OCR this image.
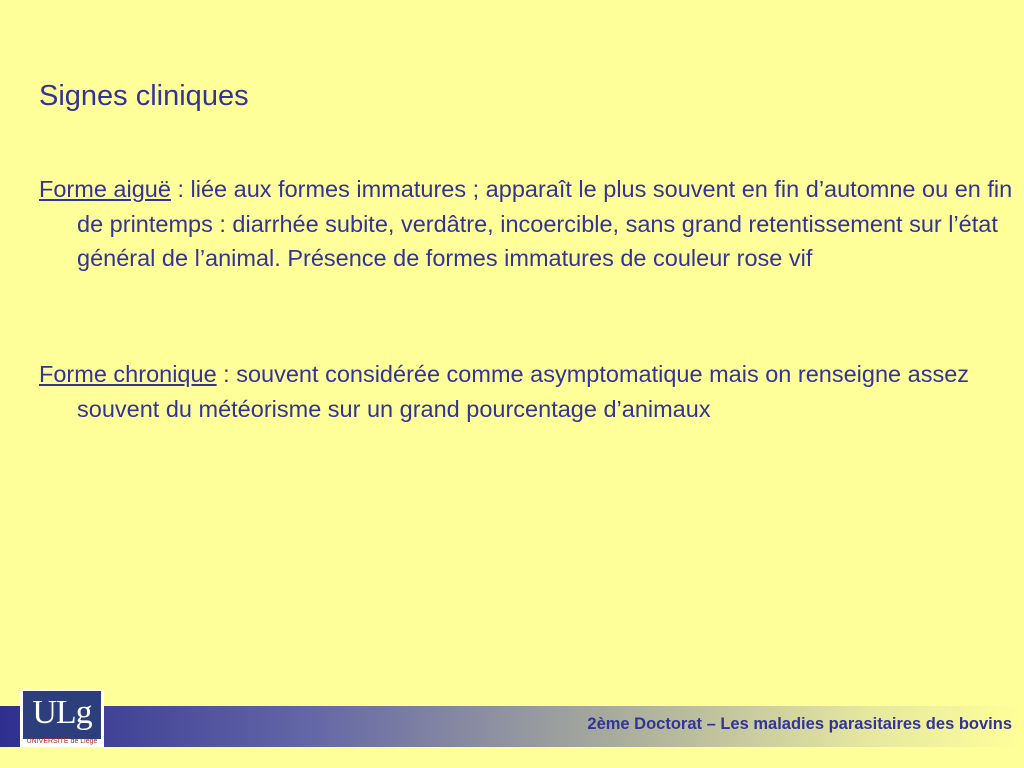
Signes cliniques

Forme aiguë : liée aux formes immatures ; apparaît le plus souvent en fin d’automne ou en fin de printemps : diarrhée subite, verdâtre, incoercible, sans grand retentissement sur l’état général de l’animal. Présence de formes immatures de couleur rose vif

Forme chronique : souvent considérée comme asymptomatique mais on renseigne assez souvent du météorisme sur un grand pourcentage d’animaux

2ème Doctorat – Les maladies parasitaires des bovins
ULg
UNIVERSITÉ de Liège
